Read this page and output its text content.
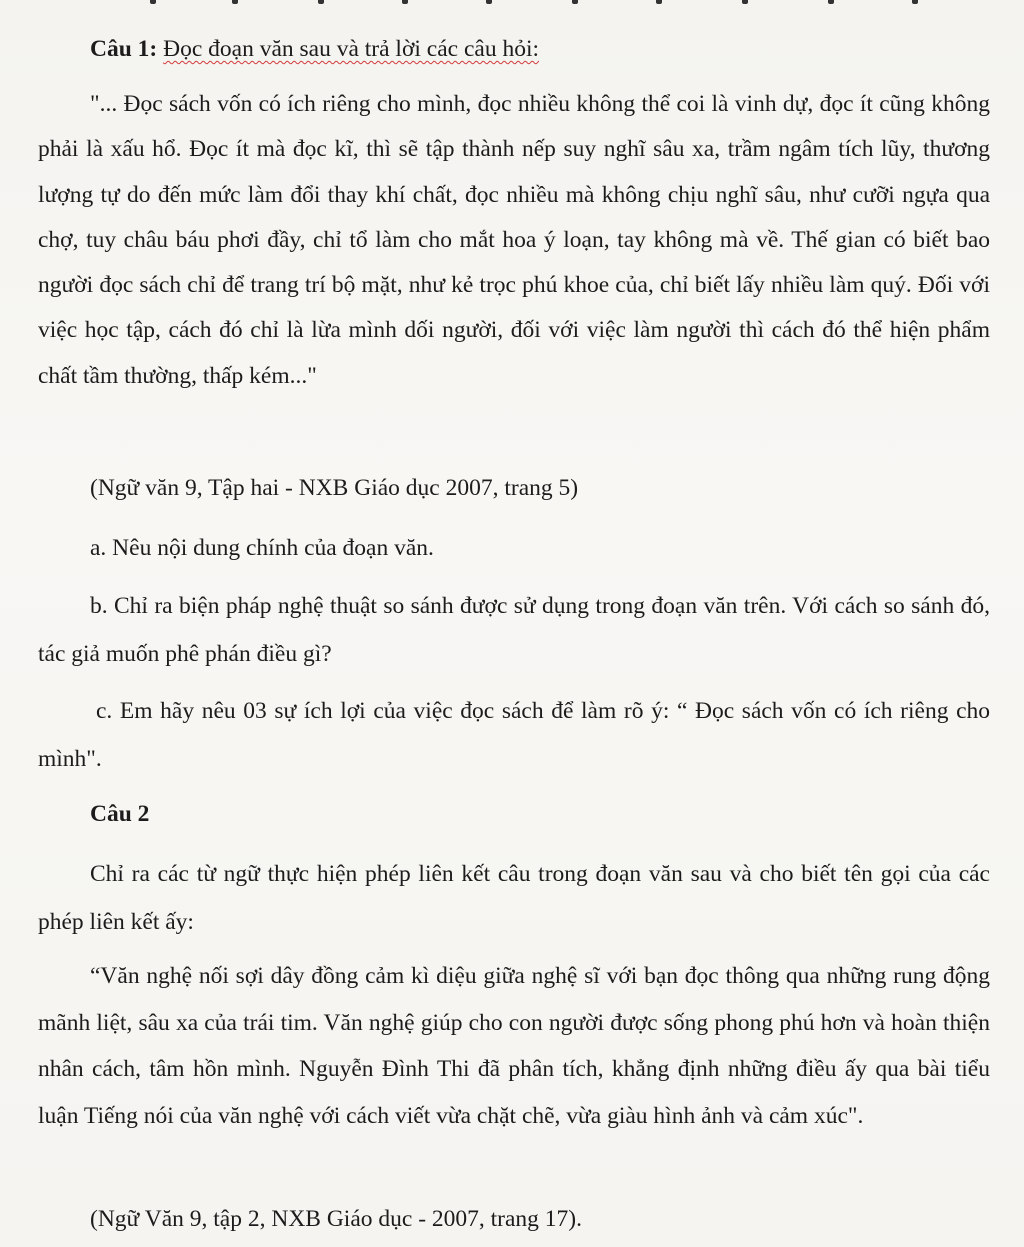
Câu 1: Đọc đoạn văn sau và trả lời các câu hỏi:

"... Đọc sách vốn có ích riêng cho mình, đọc nhiều không thể coi là vinh dự, đọc ít cũng không phải là xấu hổ. Đọc ít mà đọc kĩ, thì sẽ tập thành nếp suy nghĩ sâu xa, trầm ngâm tích lũy, thương lượng tự do đến mức làm đổi thay khí chất, đọc nhiều mà không chịu nghĩ sâu, như cưỡi ngựa qua chợ, tuy châu báu phơi đầy, chỉ tổ làm cho mắt hoa ý loạn, tay không mà về. Thế gian có biết bao người đọc sách chỉ để trang trí bộ mặt, như kẻ trọc phú khoe của, chỉ biết lấy nhiều làm quý. Đối với việc học tập, cách đó chỉ là lừa mình dối người, đối với việc làm người thì cách đó thể hiện phẩm chất tầm thường, thấp kém..."

(Ngữ văn 9, Tập hai - NXB Giáo dục 2007, trang 5)

a. Nêu nội dung chính của đoạn văn.

b. Chỉ ra biện pháp nghệ thuật so sánh được sử dụng trong đoạn văn trên. Với cách so sánh đó, tác giả muốn phê phán điều gì?

c. Em hãy nêu 03 sự ích lợi của việc đọc sách để làm rõ ý: “ Đọc sách vốn có ích riêng cho mình".

Câu 2

Chỉ ra các từ ngữ thực hiện phép liên kết câu trong đoạn văn sau và cho biết tên gọi của các phép liên kết ấy:

“Văn nghệ nối sợi dây đồng cảm kì diệu giữa nghệ sĩ với bạn đọc thông qua những rung động mãnh liệt, sâu xa của trái tim. Văn nghệ giúp cho con người được sống phong phú hơn và hoàn thiện nhân cách, tâm hồn mình. Nguyễn Đình Thi đã phân tích, khẳng định những điều ấy qua bài tiểu luận Tiếng nói của văn nghệ với cách viết vừa chặt chẽ, vừa giàu hình ảnh và cảm xúc".

(Ngữ Văn 9, tập 2, NXB Giáo dục - 2007, trang 17).
